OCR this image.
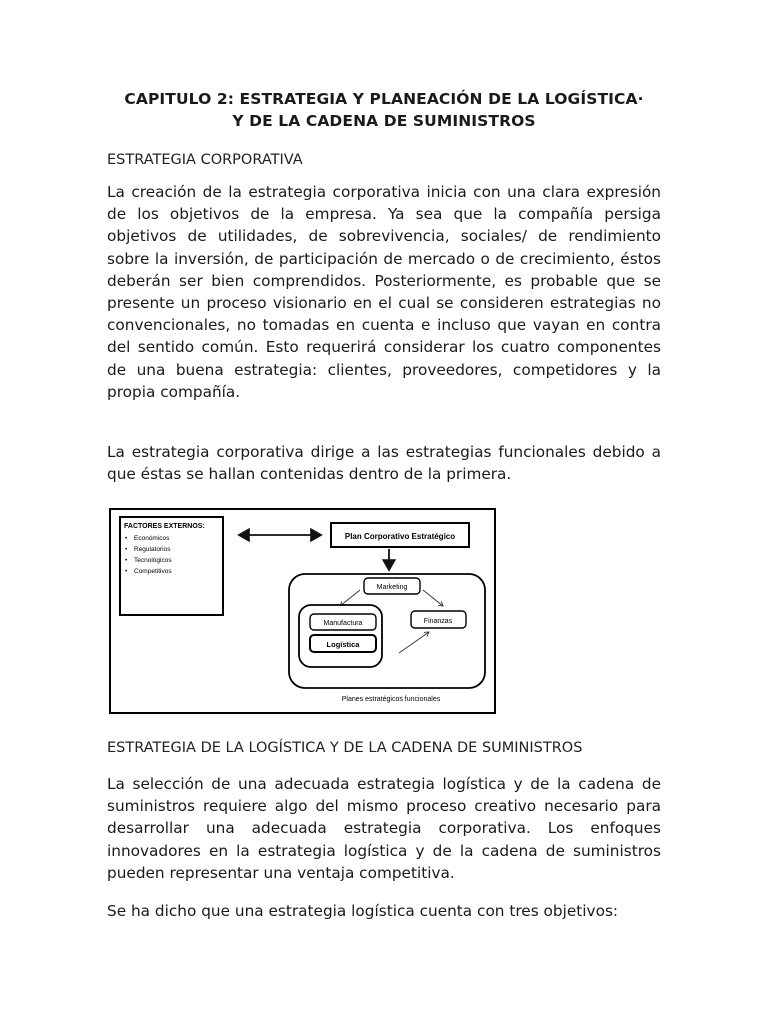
CAPITULO 2: ESTRATEGIA Y PLANEACIÓN DE LA LOGÍSTICA·
Y DE LA CADENA DE SUMINISTROS
ESTRATEGIA CORPORATIVA

La creación de la estrategia corporativa inicia con una clara expresión de los objetivos de la empresa. Ya sea que la compañía persiga objetivos de utilidades, de sobrevivencia, sociales/ de rendimiento sobre la inversión, de participación de mercado o de crecimiento, éstos deberán ser bien comprendidos. Posteriormente, es probable que se presente un proceso visionario en el cual se consideren estrategias no convencionales, no tomadas en cuenta e incluso que vayan en contra del sentido común. Esto requerirá considerar los cuatro componentes de una buena estrategia: clientes, proveedores, competidores y la propia compañía.

La estrategia corporativa dirige a las estrategias funcionales debido a que éstas se hallan contenidas dentro de la primera.

FACTORES EXTERNOS:
• Económicos
• Regulatorios
• Tecnológicos
• Competitivos
Plan Corporativo Estratégico
Marketing
Finanzas
Manufactura
Logística
Planes estratégicos funcionales
ESTRATEGIA DE LA LOGÍSTICA Y DE LA CADENA DE SUMINISTROS

La selección de una adecuada estrategia logística y de la cadena de suministros requiere algo del mismo proceso creativo necesario para desarrollar una adecuada estrategia corporativa. Los enfoques innovadores en la estrategia logística y de la cadena de suministros pueden representar una ventaja competitiva.

Se ha dicho que una estrategia logística cuenta con tres objetivos:
